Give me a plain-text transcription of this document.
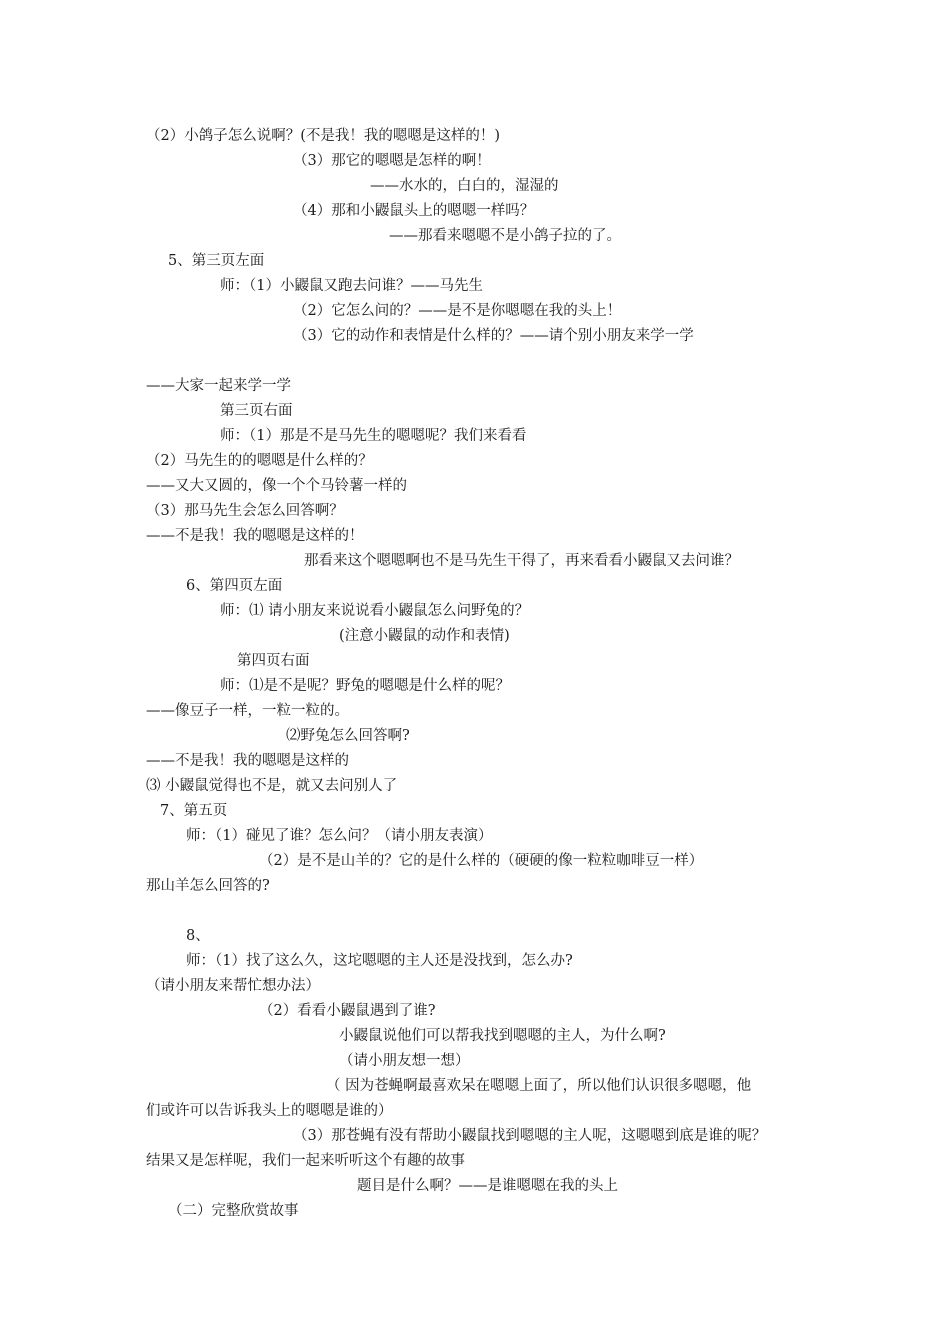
（2）小鸽子怎么说啊？(不是我！我的嗯嗯是这样的！)
（3）那它的嗯嗯是怎样的啊！
——水水的，白白的，湿湿的
（4）那和小鼹鼠头上的嗯嗯一样吗？
——那看来嗯嗯不是小鸽子拉的了。
5、第三页左面
师：（1）小鼹鼠又跑去问谁？——马先生
（2）它怎么问的？——是不是你嗯嗯在我的头上！
（3）它的动作和表情是什么样的？——请个别小朋友来学一学
——大家一起来学一学
第三页右面
师：（1）那是不是马先生的嗯嗯呢？我们来看看
（2）马先生的的嗯嗯是什么样的？
——又大又圆的，像一个个马铃薯一样的
（3）那马先生会怎么回答啊？
——不是我！我的嗯嗯是这样的！
那看来这个嗯嗯啊也不是马先生干得了，再来看看小鼹鼠又去问谁？
6、第四页左面
师：⑴ 请小朋友来说说看小鼹鼠怎么问野兔的？
(注意小鼹鼠的动作和表情)
第四页右面
师：⑴是不是呢？野兔的嗯嗯是什么样的呢？
——像豆子一样，一粒一粒的。
⑵野兔怎么回答啊?
——不是我！我的嗯嗯是这样的
⑶ 小鼹鼠觉得也不是，就又去问别人了
7、第五页
师：（1）碰见了谁？怎么问？（请小朋友表演）
（2）是不是山羊的？它的是什么样的（硬硬的像一粒粒咖啡豆一样）
那山羊怎么回答的?
8、
师：（1）找了这么久，这坨嗯嗯的主人还是没找到，怎么办?
（请小朋友来帮忙想办法）
（2）看看小鼹鼠遇到了谁?
小鼹鼠说他们可以帮我找到嗯嗯的主人，为什么啊?
（请小朋友想一想）
（ 因为苍蝇啊最喜欢呆在嗯嗯上面了，所以他们认识很多嗯嗯，他
们或许可以告诉我头上的嗯嗯是谁的）
（3）那苍蝇有没有帮助小鼹鼠找到嗯嗯的主人呢，这嗯嗯到底是谁的呢？
结果又是怎样呢，我们一起来听听这个有趣的故事
题目是什么啊？——是谁嗯嗯在我的头上
（二）完整欣赏故事
